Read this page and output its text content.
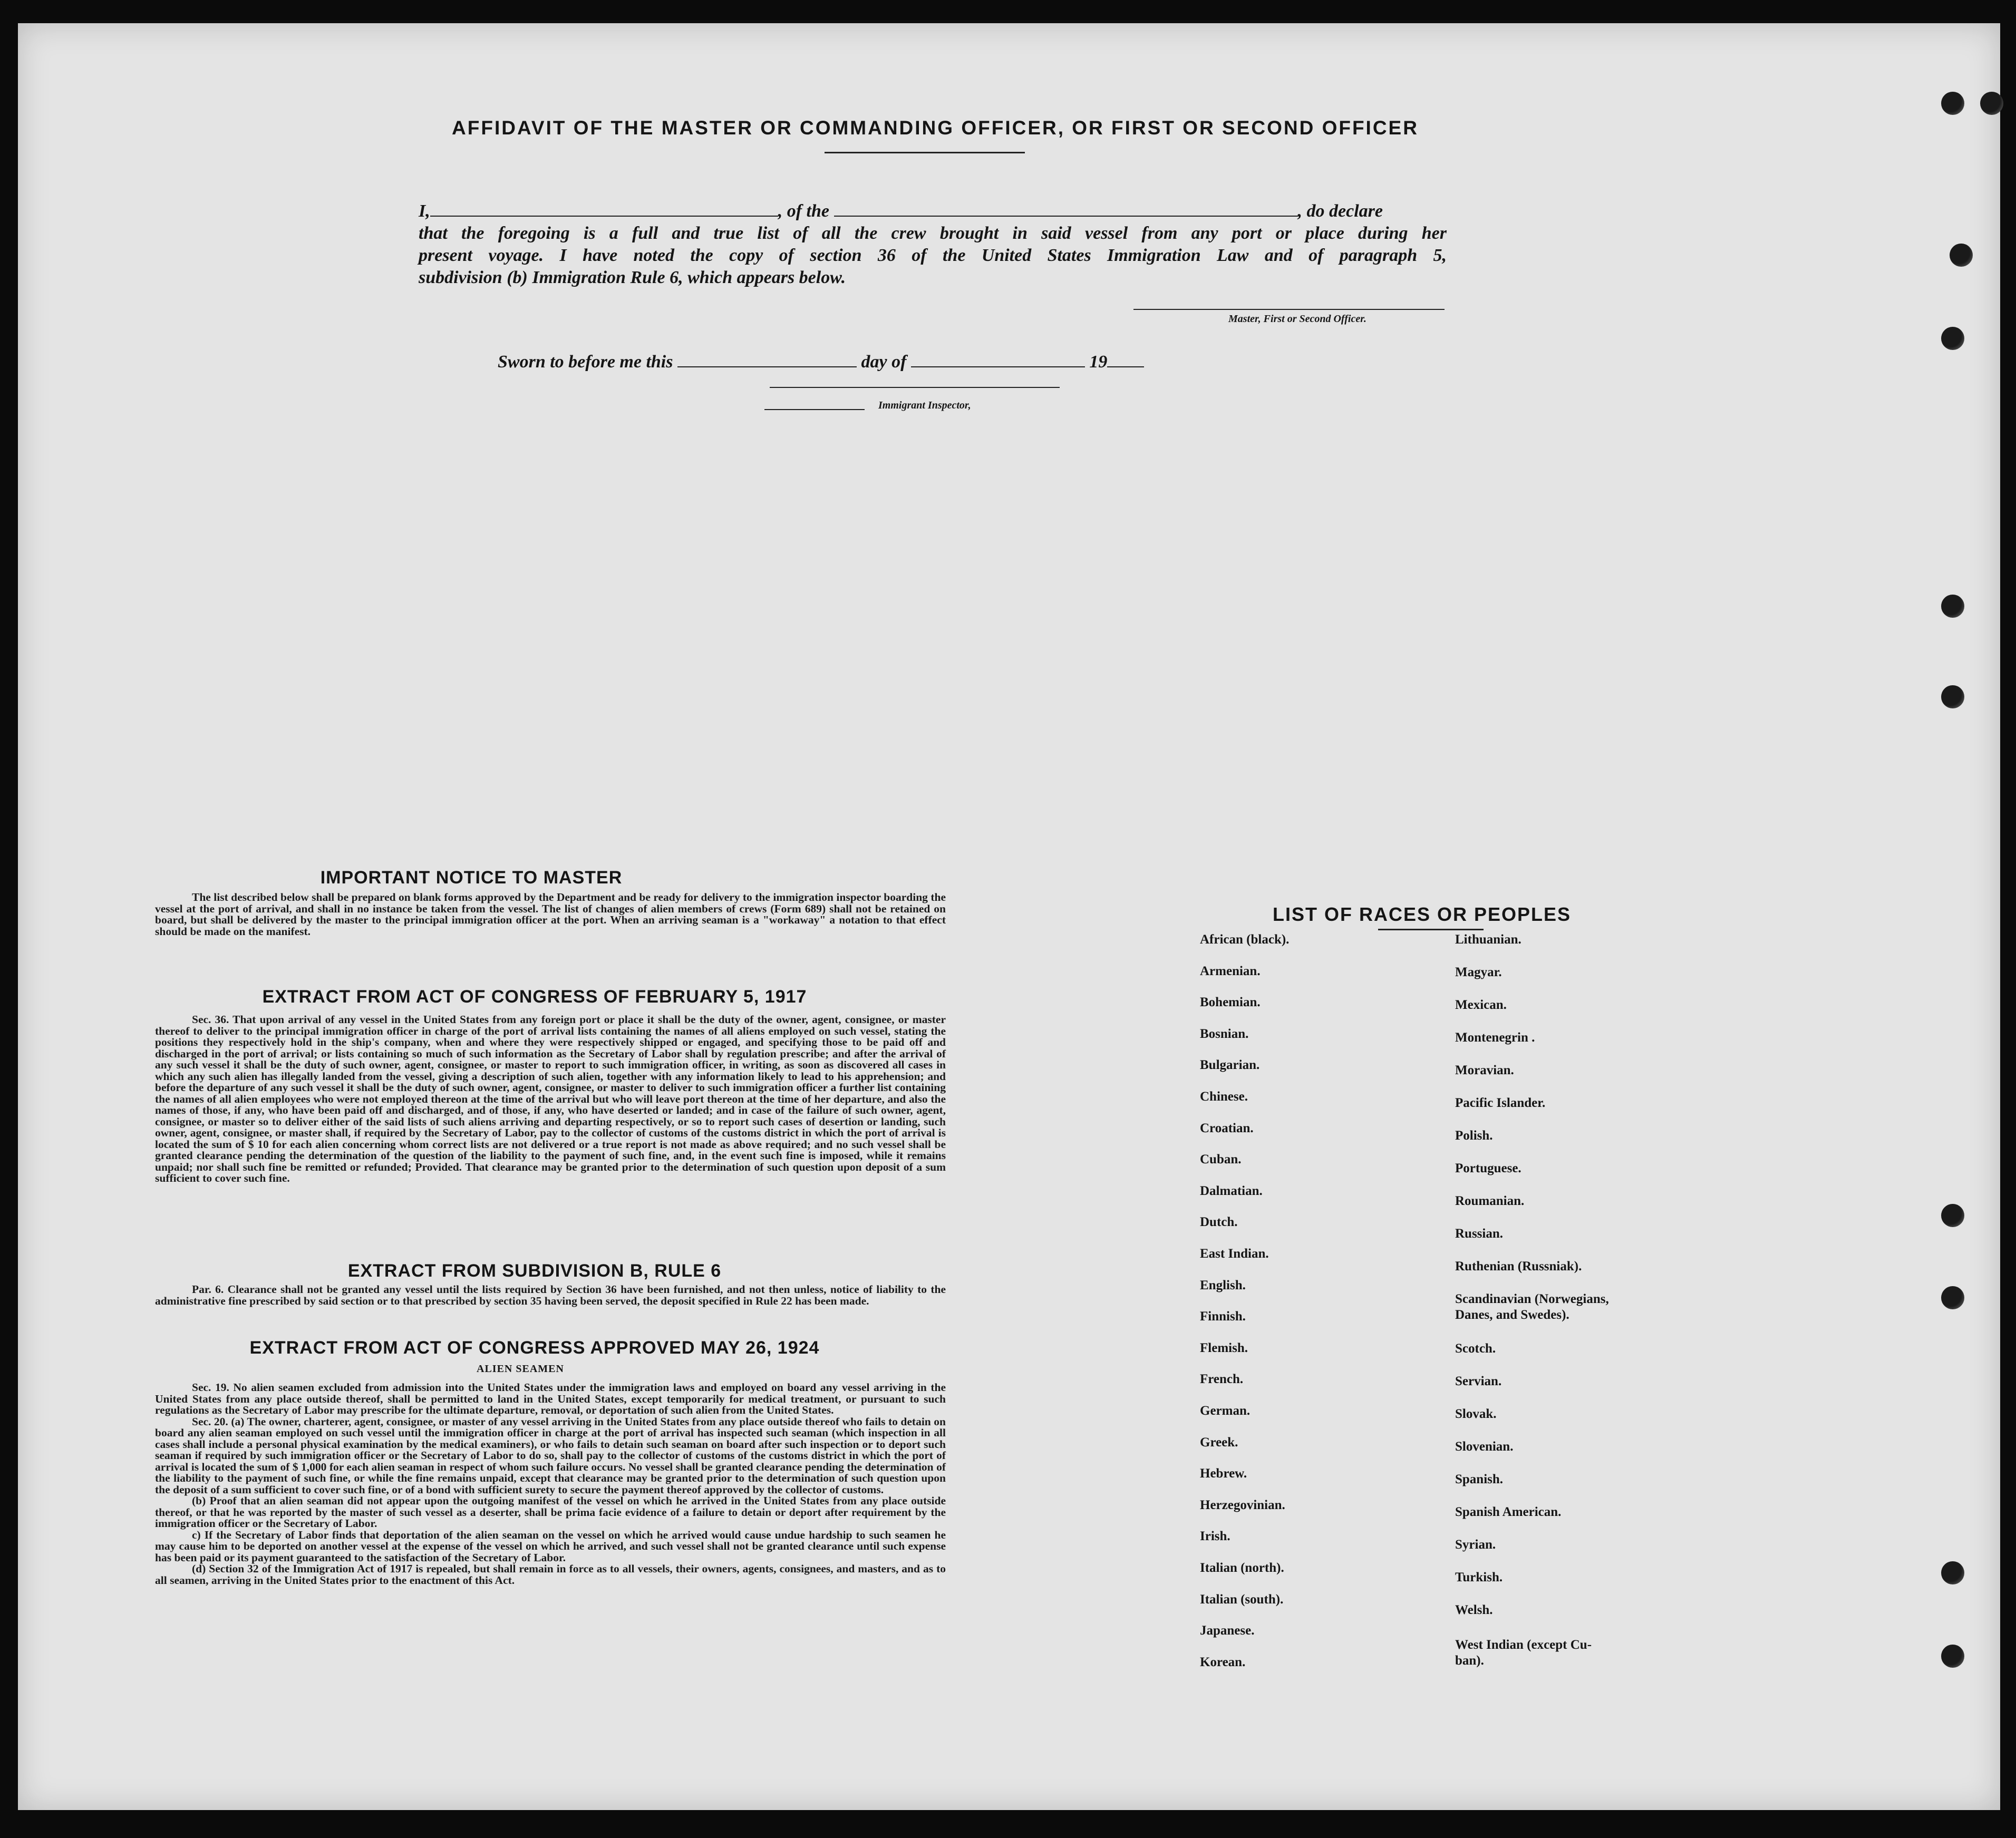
AFFIDAVIT OF THE MASTER OR COMMANDING OFFICER, OR FIRST OR SECOND OFFICER

I,	, of the	, do declare

that the foregoing is a full and true list of all the crew brought in said vessel from any port or place during her

present voyage. I have noted the copy of section 36 of the United States Immigration Law and of paragraph 5,

subdivision (b) Immigration Rule 6, which appears below.

Master, First or Second Officer.
Sworn to before me this	day of	19
Immigrant Inspector,
IMPORTANT NOTICE TO MASTER

The list described below shall be prepared on blank forms approved by the Department and be ready for delivery to the immigration inspector boarding the vessel at the port of arrival, and shall in no instance be taken from the vessel. The list of changes of alien members of crews (Form 689) shall not be retained on board, but shall be delivered by the master to the principal immigration officer at the port. When an arriving seaman is a "workaway" a notation to that effect should be made on the manifest.

EXTRACT FROM ACT OF CONGRESS OF FEBRUARY 5, 1917

Sec. 36. That upon arrival of any vessel in the United States from any foreign port or place it shall be the duty of the owner, agent, consignee, or master thereof to deliver to the principal immigration officer in charge of the port of arrival lists containing the names of all aliens employed on such vessel, stating the positions they respectively hold in the ship's company, when and where they were respectively shipped or engaged, and specifying those to be paid off and discharged in the port of arrival; or lists containing so much of such information as the Secretary of Labor shall by regulation prescribe; and after the arrival of any such vessel it shall be the duty of such owner, agent, consignee, or master to report to such immigration officer, in writing, as soon as discovered all cases in which any such alien has illegally landed from the vessel, giving a description of such alien, together with any information likely to lead to his apprehension; and before the departure of any such vessel it shall be the duty of such owner, agent, consignee, or master to deliver to such immigration officer a further list containing the names of all alien employees who were not employed thereon at the time of the arrival but who will leave port thereon at the time of her departure, and also the names of those, if any, who have been paid off and discharged, and of those, if any, who have deserted or landed; and in case of the failure of such owner, agent, consignee, or master so to deliver either of the said lists of such aliens arriving and departing respectively, or so to report such cases of desertion or landing, such owner, agent, consignee, or master shall, if required by the Secretary of Labor, pay to the collector of customs of the customs district in which the port of arrival is located the sum of $ 10 for each alien concerning whom correct lists are not delivered or a true report is not made as above required; and no such vessel shall be granted clearance pending the determination of the question of the liability to the payment of such fine, and, in the event such fine is imposed, while it remains unpaid; nor shall such fine be remitted or refunded; Provided. That clearance may be granted prior to the determination of such question upon deposit of a sum sufficient to cover such fine.

EXTRACT FROM SUBDIVISION B, RULE 6

Par. 6. Clearance shall not be granted any vessel until the lists required by Section 36 have been furnished, and not then unless, notice of liability to the administrative fine prescribed by said section or to that prescribed by section 35 having been served, the deposit specified in Rule 22 has been made.

EXTRACT FROM ACT OF CONGRESS APPROVED MAY 26, 1924

ALIEN SEAMEN

Sec. 19. No alien seamen excluded from admission into the United States under the immigration laws and employed on board any vessel arriving in the United States from any place outside thereof, shall be permitted to land in the United States, except temporarily for medical treatment, or pursuant to such regulations as the Secretary of Labor may prescribe for the ultimate departure, removal, or deportation of such alien from the United States.
Sec. 20. (a) The owner, charterer, agent, consignee, or master of any vessel arriving in the United States from any place outside thereof who fails to detain on board any alien seaman employed on such vessel until the immigration officer in charge at the port of arrival has inspected such seaman (which inspection in all cases shall include a personal physical examination by the medical examiners), or who fails to detain such seaman on board after such inspection or to deport such seaman if required by such immigration officer or the Secretary of Labor to do so, shall pay to the collector of customs of the customs district in which the port of arrival is located the sum of $ 1,000 for each alien seaman in respect of whom such failure occurs. No vessel shall be granted clearance pending the determination of the liability to the payment of such fine, or while the fine remains unpaid, except that clearance may be granted prior to the determination of such question upon the deposit of a sum sufficient to cover such fine, or of a bond with sufficient surety to secure the payment thereof approved by the collector of customs.
(b) Proof that an alien seaman did not appear upon the outgoing manifest of the vessel on which he arrived in the United States from any place outside thereof, or that he was reported by the master of such vessel as a deserter, shall be prima facie evidence of a failure to detain or deport after requirement by the immigration officer or the Secretary of Labor.
c) If the Secretary of Labor finds that deportation of the alien seaman on the vessel on which he arrived would cause undue hardship to such seamen he may cause him to be deported on another vessel at the expense of the vessel on which he arrived, and such vessel shall not be granted clearance until such expense has been paid or its payment guaranteed to the satisfaction of the Secretary of Labor.
(d) Section 32 of the Immigration Act of 1917 is repealed, but shall remain in force as to all vessels, their owners, agents, consignees, and masters, and as to all seamen, arriving in the United States prior to the enactment of this Act.

LIST OF RACES OR PEOPLES
African (black).
Armenian.
Bohemian.
Bosnian.
Bulgarian.
Chinese.
Croatian.
Cuban.
Dalmatian.
Dutch.
East Indian.
English.
Finnish.
Flemish.
French.
German.
Greek.
Hebrew.
Herzegovinian.
Irish.
Italian (north).
Italian (south).
Japanese.
Korean.
Lithuanian.
Magyar.
Mexican.
Montenegrin .
Moravian.
Pacific Islander.
Polish.
Portuguese.
Roumanian.
Russian.
Ruthenian (Russniak).
Scandinavian (Norwegians,
Danes, and Swedes).
Scotch.
Servian.
Slovak.
Slovenian.
Spanish.
Spanish American.
Syrian.
Turkish.
Welsh.
West Indian (except Cu-
ban).
